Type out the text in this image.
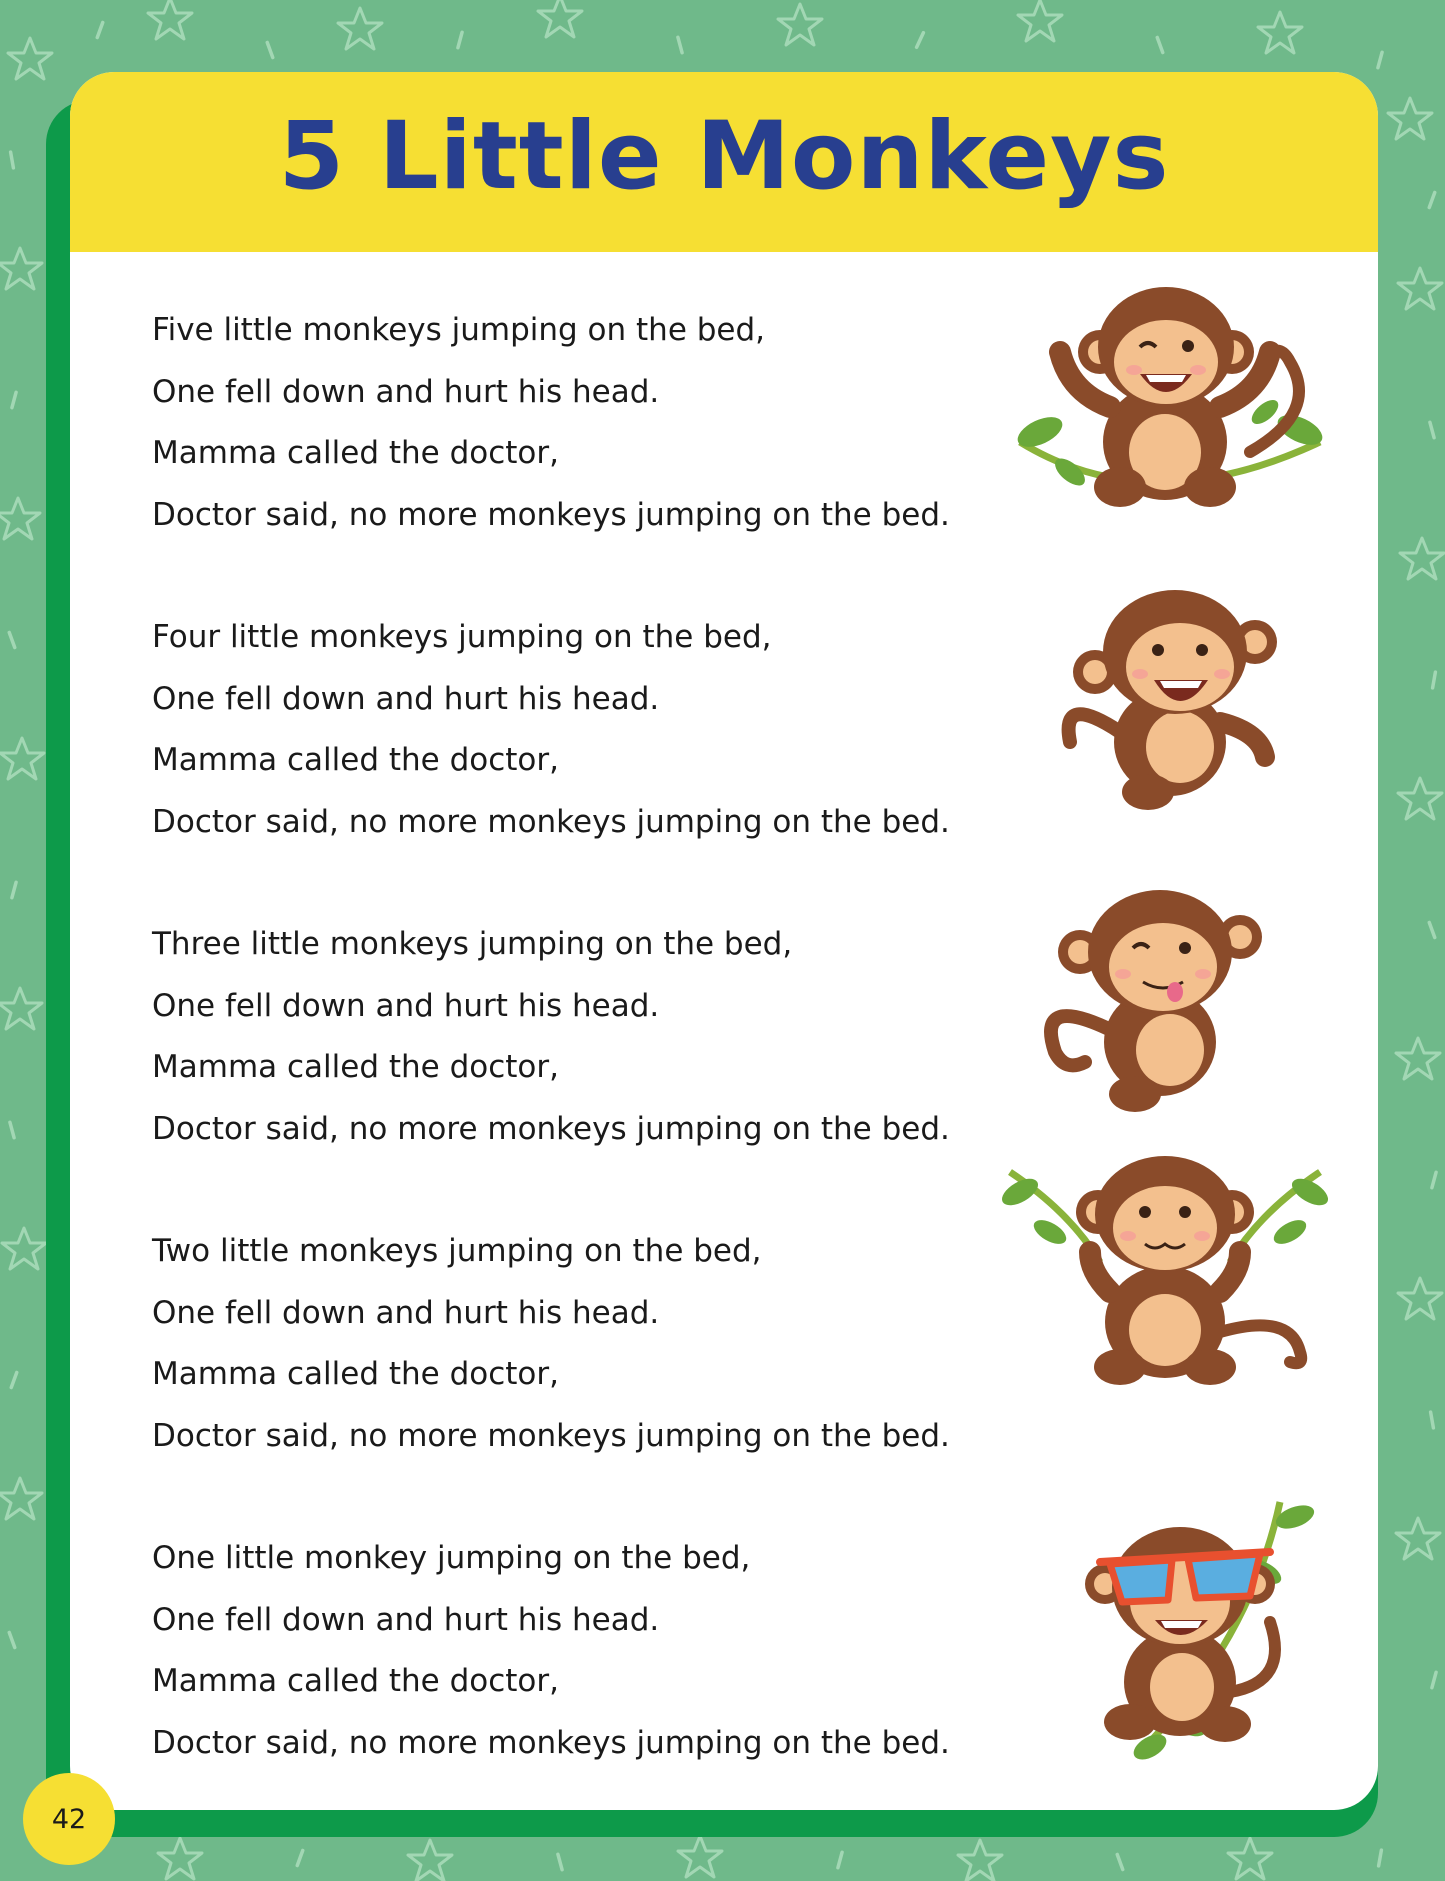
5 Little Monkeys
Five little monkeys jumping on the bed,
One fell down and hurt his head.
Mamma called the doctor,
Doctor said, no more monkeys jumping on the bed.
Four little monkeys jumping on the bed,
One fell down and hurt his head.
Mamma called the doctor,
Doctor said, no more monkeys jumping on the bed.
Three little monkeys jumping on the bed,
One fell down and hurt his head.
Mamma called the doctor,
Doctor said, no more monkeys jumping on the bed.
Two little monkeys jumping on the bed,
One fell down and hurt his head.
Mamma called the doctor,
Doctor said, no more monkeys jumping on the bed.
One little monkey jumping on the bed,
One fell down and hurt his head.
Mamma called the doctor,
Doctor said, no more monkeys jumping on the bed.
42
